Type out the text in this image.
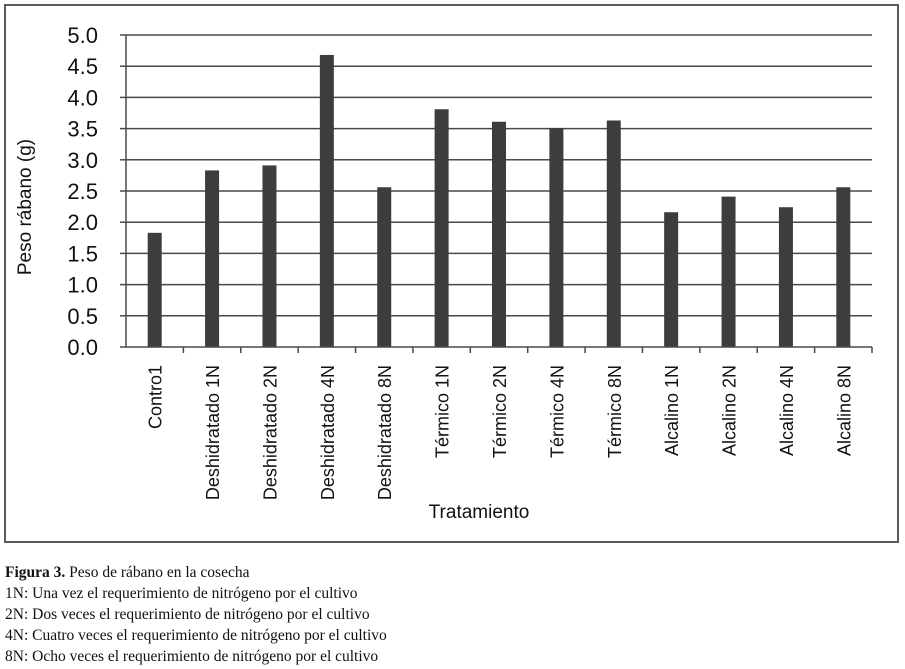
0.0
0.5
1.0
1.5
2.0
2.5
3.0
3.5
4.0
4.5
5.0
Contro1 Deshidratado 1N Deshidratado 2N Deshidratado 4N Deshidratado 8N Térmico 1N Térmico 2N Térmico 4N Térmico 8N Alcalino 1N Alcalino 2N Alcalino 4N Alcalino 8N
Peso rábano (g)
Tratamiento
Figura 3. Peso de rábano en la cosecha
1N: Una vez el requerimiento de nitrógeno por el cultivo
2N: Dos veces el requerimiento de nitrógeno por el cultivo
4N: Cuatro veces el requerimiento de nitrógeno por el cultivo
8N: Ocho veces el requerimiento de nitrógeno por el cultivo
